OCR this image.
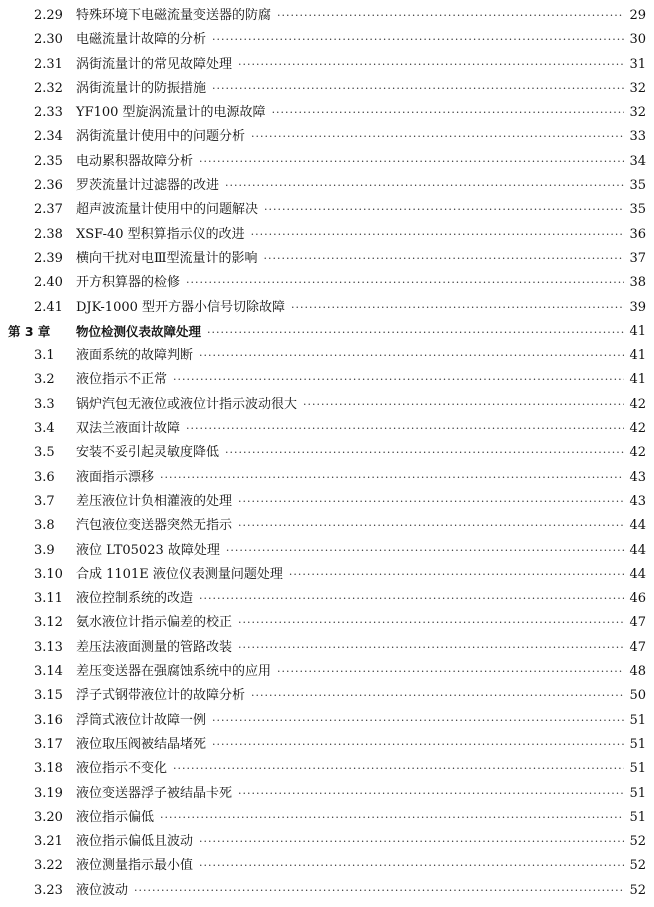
2.29 特殊环境下电磁流量变送器的防腐 ·····	29
2.30 电磁流量计故障的分析 ·····	30
2.31 涡街流量计的常见故障处理 ·····	31
2.32 涡街流量计的防振措施 ·····	32
2.33 YF100 型旋涡流量计的电源故障 ·····	32
2.34 涡街流量计使用中的问题分析 ·····	33
2.35 电动累积器故障分析 ·····	34
2.36 罗茨流量计过滤器的改进 ·····	35
2.37 超声波流量计使用中的问题解决 ·····	35
2.38 XSF-40 型积算指示仪的改进 ·····	36
2.39 横向干扰对电Ⅲ型流量计的影响 ·····	37
2.40 开方积算器的检修 ·····	38
2.41 DJK-1000 型开方器小信号切除故障 ·····	39
第 3 章 物位检测仪表故障处理 ·····	41
3.1 液面系统的故障判断 ·····	41
3.2 液位指示不正常 ·····	41
3.3 锅炉汽包无液位或液位计指示波动很大 ·····	42
3.4 双法兰液面计故障 ·····	42
3.5 安装不妥引起灵敏度降低 ·····	42
3.6 液面指示漂移 ·····	43
3.7 差压液位计负相灌液的处理 ·····	43
3.8 汽包液位变送器突然无指示 ·····	44
3.9 液位 LT05023 故障处理 ·····	44
3.10 合成 1101E 液位仪表测量问题处理 ·····	44
3.11 液位控制系统的改造 ·····	46
3.12 氨水液位计指示偏差的校正 ·····	47
3.13 差压法液面测量的管路改装 ·····	47
3.14 差压变送器在强腐蚀系统中的应用 ·····	48
3.15 浮子式钢带液位计的故障分析 ·····	50
3.16 浮筒式液位计故障一例 ·····	51
3.17 液位取压阀被结晶堵死 ·····	51
3.18 液位指示不变化 ·····	51
3.19 液位变送器浮子被结晶卡死 ·····	51
3.20 液位指示偏低 ·····	51
3.21 液位指示偏低且波动 ·····	52
3.22 液位测量指示最小值 ·····	52
3.23 液位波动 ·····	52
